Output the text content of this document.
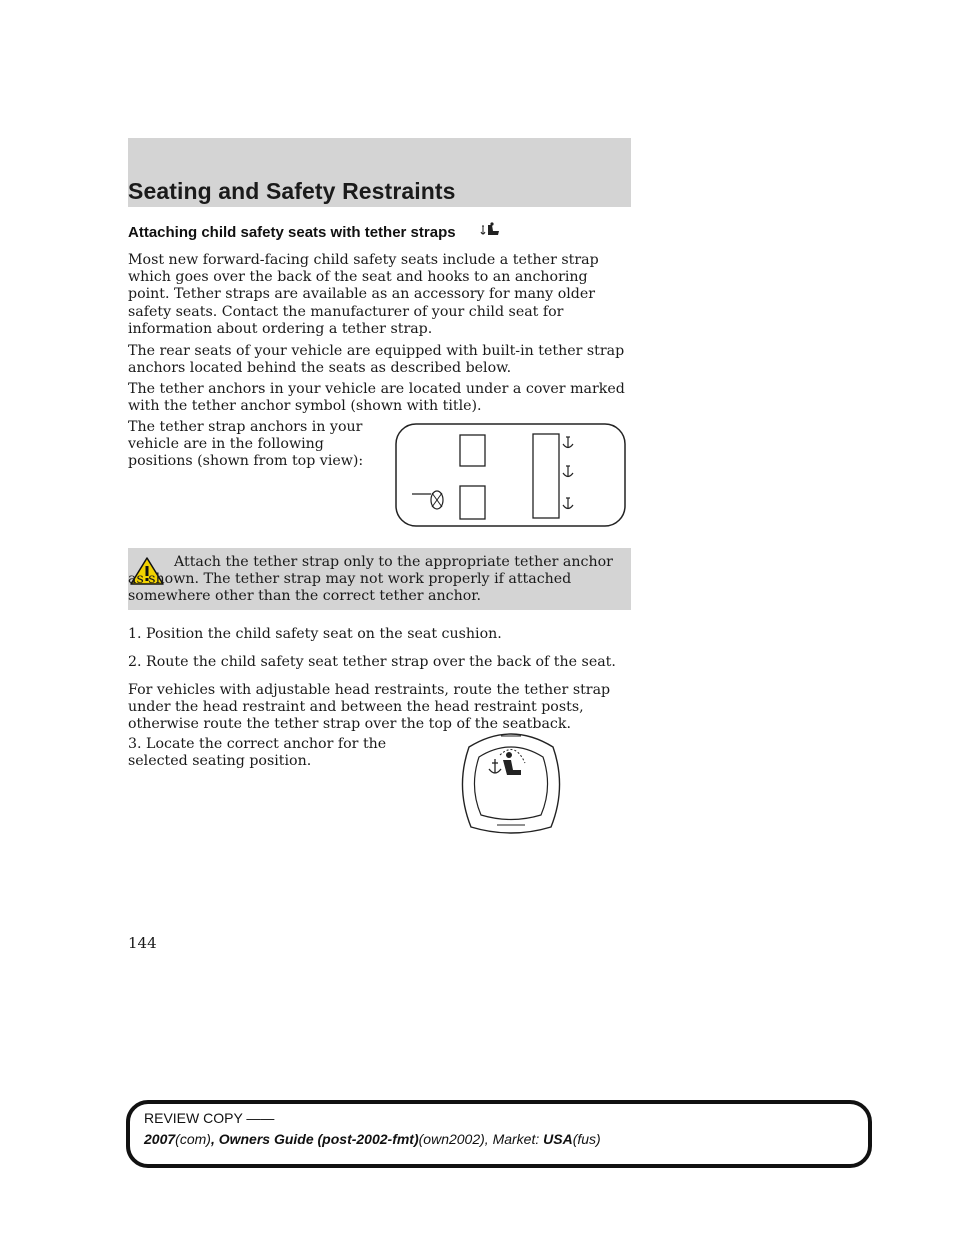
Seating and Safety Restraints
Attaching child safety seats with tether straps

Most new forward-facing child safety seats include a tether strap which goes over the back of the seat and hooks to an anchoring point. Tether straps are available as an accessory for many older safety seats. Contact the manufacturer of your child seat for information about ordering a tether strap.

The rear seats of your vehicle are equipped with built-in tether strap anchors located behind the seats as described below.

The tether anchors in your vehicle are located under a cover marked with the tether anchor symbol (shown with title).

The tether strap anchors in your vehicle are in the following positions (shown from top view):

Attach the tether strap only to the appropriate tether anchor as shown. The tether strap may not work properly if attached somewhere other than the correct tether anchor.

1. Position the child safety seat on the seat cushion.

2. Route the child safety seat tether strap over the back of the seat.

For vehicles with adjustable head restraints, route the tether strap under the head restraint and between the head restraint posts, otherwise route the tether strap over the top of the seatback.

3. Locate the correct anchor for the selected seating position.

144
REVIEW COPY ——
2007(com), Owners Guide (post-2002-fmt)(own2002), Market: USA(fus)
